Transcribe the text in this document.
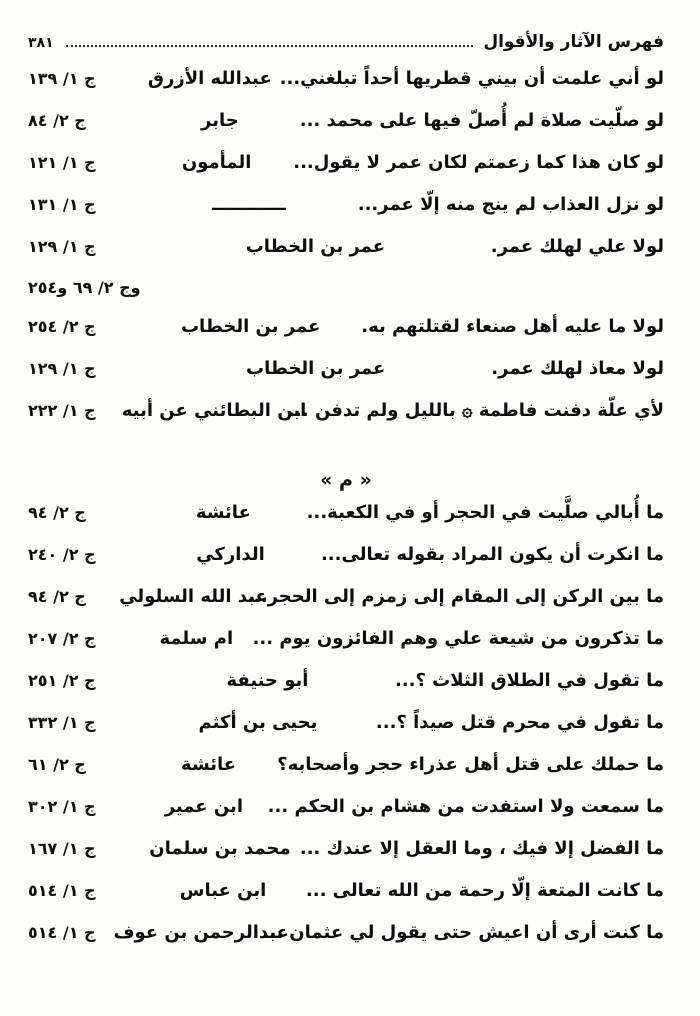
فهرس الآثار والأقوال
٣٨١
لو أني علمت أن بيني قطريها أحداً تبلغني...
عبدالله الأزرق
ج ١‏/ ١٣٩
لو صلّيت صلاة لم أُصلّ فيها على محمد ...
جابر
ج ٢‏/ ٨٤
لو كان هذا كما زعمتم لكان عمر لا يقول...
المأمون
ج ١‏/ ١٢١
لو نزل العذاب لم ينج منه إلّا عمر...
ــــــــــــ
ج ١‏/ ١٣١
لولا علي لهلك عمر.
عمر بن الخطاب
ج ١‏/ ١٢٩
وج ٢‏/ ٦٩ و٢٥٤
لولا ما عليه أهل صنعاء لقتلتهم به.
عمر بن الخطاب
ج ٢‏/ ٢٥٤
لولا معاذ لهلك عمر.
عمر بن الخطاب
ج ١‏/ ١٢٩
لأي علّة دفنت فاطمة ۞ بالليل ولم تدفن ...
ابن البطائني عن أبيه
ج ١‏/ ٢٢٢
« م »
ما أُبالي صلَّيت في الحجر أو في الكعبة...
عائشة
ج ٢‏/ ٩٤
ما انكرت أن يكون المراد بقوله تعالى...
الداركي
ج ٢‏/ ٢٤٠
ما بين الركن إلى المقام إلى زمزم إلى الحجر...
عبد الله السلولي
ج ٢‏/ ٩٤
ما تذكرون من شيعة علي وهم الفائزون يوم ...
ام سلمة
ج ٢‏/ ٢٠٧
ما تقول في الطلاق الثلاث ؟...
أبو حنيفة
ج ٢‏/ ٢٥١
ما تقول في محرم قتل صيداً ؟...
يحيى بن أكثم
ج ١‏/ ٣٣٢
ما حملك على قتل أهل عذراء حجر وأصحابه؟
عائشة
ج ٢‏/ ٦١
ما سمعت ولا استفدت من هشام بن الحكم ...
ابن عمير
ج ١‏/ ٣٠٢
ما الفضل إلا فيك ، وما العقل إلا عندك ...
محمد بن سلمان
ج ١‏/ ١٦٧
ما كانت المتعة إلّا رحمة من الله تعالى ...
ابن عباس
ج ١‏/ ٥١٤
ما كنت أرى أن اعيش حتى يقول لي عثمان ...
عبدالرحمن بن عوف
ج ١‏/ ٥١٤
